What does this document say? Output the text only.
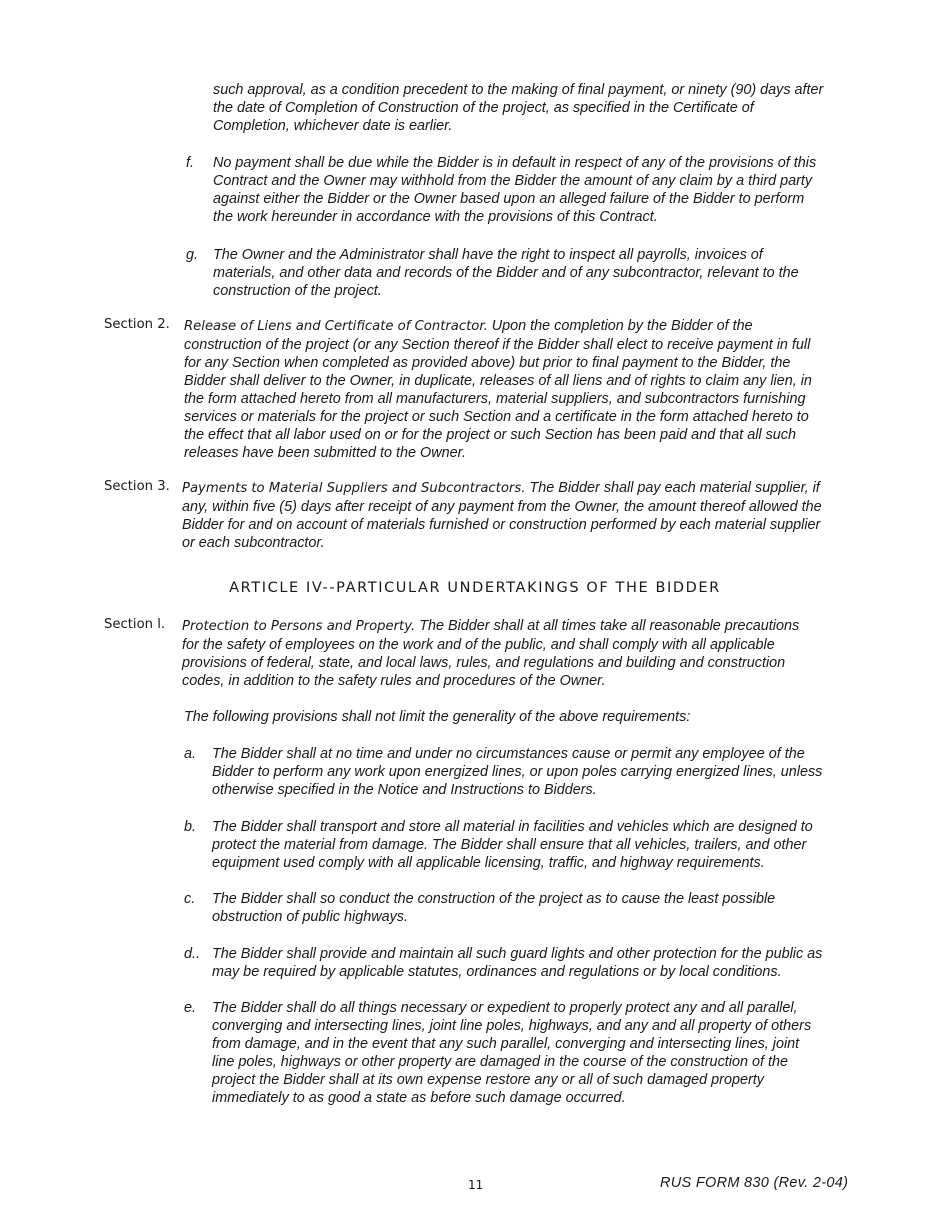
such approval, as a condition precedent to the making of final payment, or ninety (90) days after the date of Completion of Construction of the project, as specified in the Certificate of Completion, whichever date is earlier.

f. No payment shall be due while the Bidder is in default in respect of any of the provisions of this Contract and the Owner may withhold from the Bidder the amount of any claim by a third party against either the Bidder or the Owner based upon an alleged failure of the Bidder to perform the work hereunder in accordance with the provisions of this Contract.

g. The Owner and the Administrator shall have the right to inspect all payrolls, invoices of materials, and other data and records of the Bidder and of any subcontractor, relevant to the construction of the project.

Section 2. Release of Liens and Certificate of Contractor. Upon the completion by the Bidder of the construction of the project (or any Section thereof if the Bidder shall elect to receive payment in full for any Section when completed as provided above) but prior to final payment to the Bidder, the Bidder shall deliver to the Owner, in duplicate, releases of all liens and of rights to claim any lien, in the form attached hereto from all manufacturers, material suppliers, and subcontractors furnishing services or materials for the project or such Section and a certificate in the form attached hereto to the effect that all labor used on or for the project or such Section has been paid and that all such releases have been submitted to the Owner.

Section 3. Payments to Material Suppliers and Subcontractors. The Bidder shall pay each material supplier, if any, within five (5) days after receipt of any payment from the Owner, the amount thereof allowed the Bidder for and on account of materials furnished or construction performed by each material supplier or each subcontractor.

ARTICLE IV--PARTICULAR UNDERTAKINGS OF THE BIDDER
Section l. Protection to Persons and Property. The Bidder shall at all times take all reasonable precautions for the safety of employees on the work and of the public, and shall comply with all applicable provisions of federal, state, and local laws, rules, and regulations and building and construction codes, in addition to the safety rules and procedures of the Owner.

The following provisions shall not limit the generality of the above requirements:

a. The Bidder shall at no time and under no circumstances cause or permit any employee of the Bidder to perform any work upon energized lines, or upon poles carrying energized lines, unless otherwise specified in the Notice and Instructions to Bidders.

b. The Bidder shall transport and store all material in facilities and vehicles which are designed to protect the material from damage. The Bidder shall ensure that all vehicles, trailers, and other equipment used comply with all applicable licensing, traffic, and highway requirements.

c. The Bidder shall so conduct the construction of the project as to cause the least possible obstruction of public highways.

d.. The Bidder shall provide and maintain all such guard lights and other protection for the public as may be required by applicable statutes, ordinances and regulations or by local conditions.

e. The Bidder shall do all things necessary or expedient to properly protect any and all parallel, converging and intersecting lines, joint line poles, highways, and any and all property of others from damage, and in the event that any such parallel, converging and intersecting lines, joint line poles, highways or other property are damaged in the course of the construction of the project the Bidder shall at its own expense restore any or all of such damaged property immediately to as good a state as before such damage occurred.

11	RUS FORM 830 (Rev. 2-04)
